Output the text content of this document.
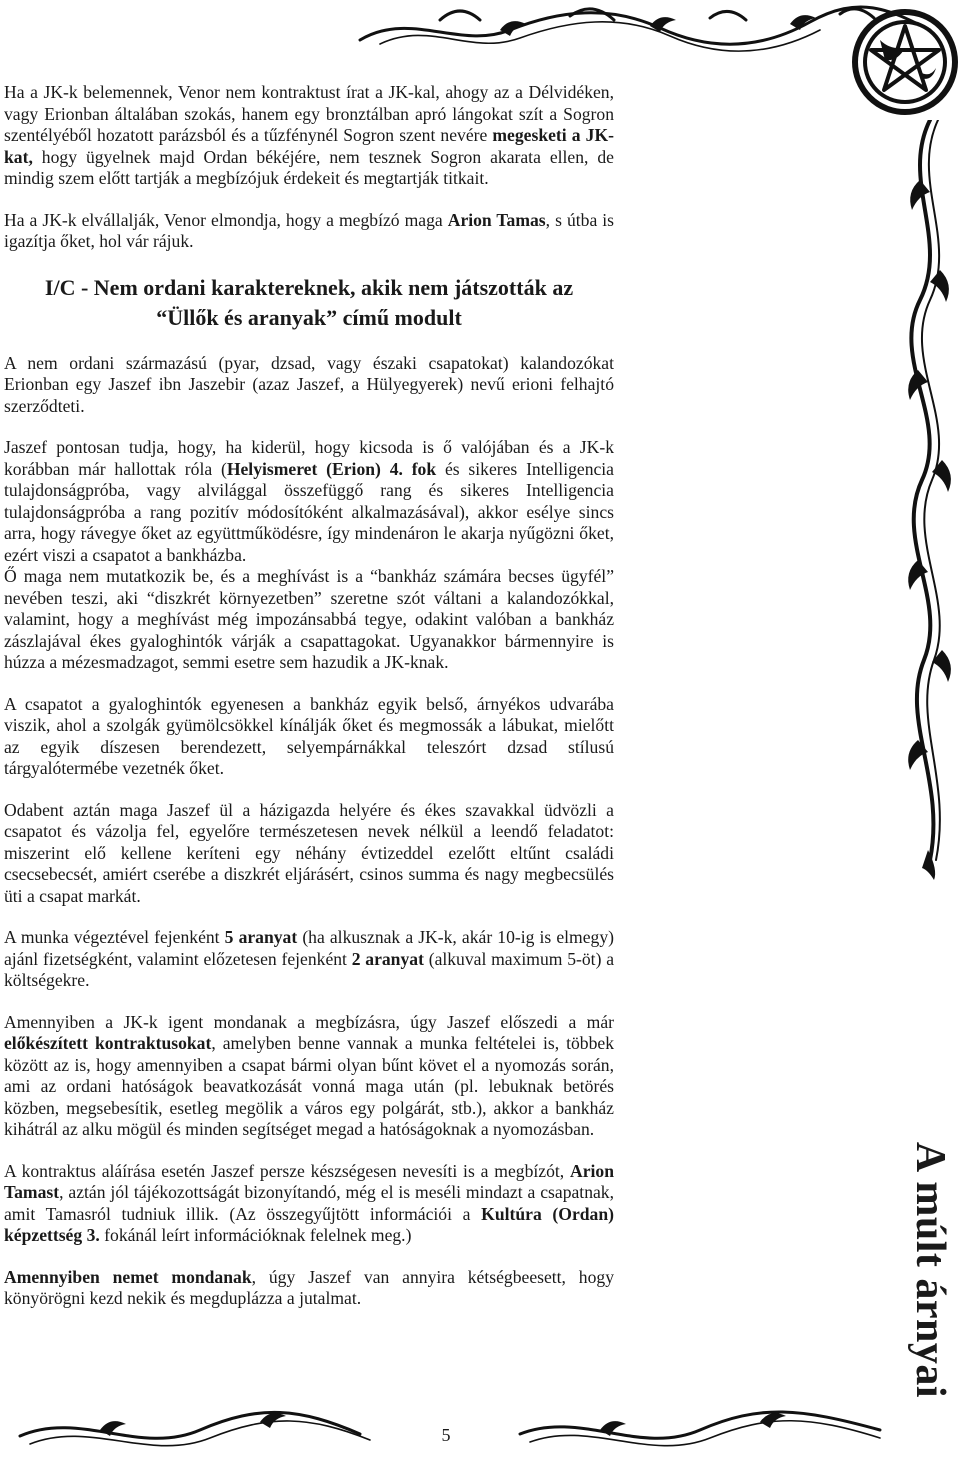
Ha a JK-k belemennek, Venor nem kontraktust írat a JK-kal, ahogy az a Délvidéken, vagy Erionban általában szokás, hanem egy bronztálban apró lángokat szít a Sogron szentélyéből hozatott parázsból és a tűzfénynél Sogron szent nevére megesketi a JK-kat, hogy ügyelnek majd Ordan békéjére, nem tesznek Sogron akarata ellen, de mindig szem előtt tartják a megbízójuk érdekeit és megtartják titkait.

Ha a JK-k elvállalják, Venor elmondja, hogy a megbízó maga Arion Tamas, s útba is igazítja őket, hol vár rájuk.

I/C - Nem ordani karaktereknek, akik nem játszották az
“Üllők és aranyak” című modult

A nem ordani származású (pyar, dzsad, vagy északi csapatokat) kalandozókat Erionban egy Jaszef ibn Jaszebir (azaz Jaszef, a Hülyegyerek) nevű erioni felhajtó szerződteti.

Jaszef pontosan tudja, hogy, ha kiderül, hogy kicsoda is ő valójában és a JK-k korábban már hallottak róla (Helyismeret (Erion) 4. fok és sikeres Intelligencia tulajdonságpróba, vagy alvilággal összefüggő rang és sikeres Intelligencia tulajdonságpróba a rang pozitív módosítóként alkalmazásával), akkor esélye sincs arra, hogy rávegye őket az együttműködésre, így mindenáron le akarja nyűgözni őket, ezért viszi a csapatot a bankházba.

Ő maga nem mutatkozik be, és a meghívást is a “bankház számára becses ügyfél” nevében teszi, aki “diszkrét környezetben” szeretne szót váltani a kalandozókkal, valamint, hogy a meghívást még impozánsabbá tegye, odakint valóban a bankház zászlajával ékes gyaloghintók várják a csapattagokat. Ugyanakkor bármennyire is húzza a mézesmadzagot, semmi esetre sem hazudik a JK-knak.

A csapatot a gyaloghintók egyenesen a bankház egyik belső, árnyékos udvarába viszik, ahol a szolgák gyümölcsökkel kínálják őket és megmossák a lábukat, mielőtt az egyik díszesen berendezett, selyempárnákkal teleszórt dzsad stílusú tárgyalótermébe vezetnék őket.

Odabent aztán maga Jaszef ül a házigazda helyére és ékes szavakkal üdvözli a csapatot és vázolja fel, egyelőre természetesen nevek nélkül a leendő feladatot: miszerint elő kellene keríteni egy néhány évtizeddel ezelőtt eltűnt családi csecsebecsét, amiért cserébe a diszkrét eljárásért, csinos summa és nagy megbecsülés üti a csapat markát.

A munka végeztével fejenként 5 aranyat (ha alkusznak a JK-k, akár 10-ig is elmegy) ajánl fizetségként, valamint előzetesen fejenként 2 aranyat (alkuval maximum 5-öt) a költségekre.

Amennyiben a JK-k igent mondanak a megbízásra, úgy Jaszef előszedi a már előkészített kontraktusokat, amelyben benne vannak a munka feltételei is, többek között az is, hogy amennyiben a csapat bármi olyan bűnt követ el a nyomozás során, ami az ordani hatóságok beavatkozását vonná maga után (pl. lebuknak betörés közben, megsebesítik, esetleg megölik a város egy polgárát, stb.), akkor a bankház kihátrál az alku mögül és minden segítséget megad a hatóságoknak a nyomozásban.

A kontraktus aláírása esetén Jaszef persze készségesen nevesíti is a megbízót, Arion Tamast, aztán jól tájékozottságát bizonyítandó, még el is meséli mindazt a csapatnak, amit Tamasról tudniuk illik. (Az összegyűjtött információi a Kultúra (Ordan) képzettség 3. fokánál leírt információknak felelnek meg.)

Amennyiben nemet mondanak, úgy Jaszef van annyira kétségbeesett, hogy könyörögni kezd nekik és megduplázza a jutalmat.

5
A múlt árnyai
